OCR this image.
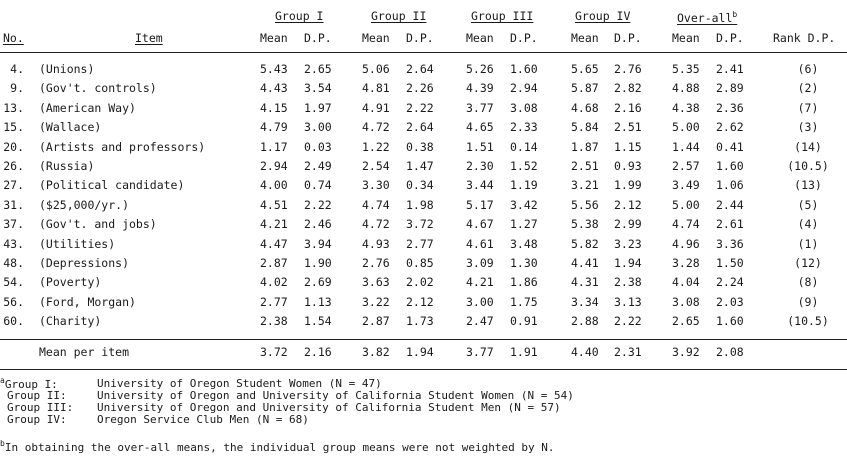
Group I	Group II	Group III	Group IV	Over-all$^b$
No.	Item	Mean D.P.	Mean D.P.	Mean D.P.	Mean D.P.	Mean D.P.	Rank D.P.
4. (Unions)	5.43 2.65	5.06 2.64	5.26 1.60	5.65 2.76	5.35 2.41	(6)
9. (Gov't. controls)	4.43 3.54	4.81 2.26	4.39 2.94	5.87 2.82	4.88 2.89	(2)
13. (American Way)	4.15 1.97	4.91 2.22	3.77 3.08	4.68 2.16	4.38 2.36	(7)
15. (Wallace)	4.79 3.00	4.72 2.64	4.65 2.33	5.84 2.51	5.00 2.62	(3)
20. (Artists and professors)	1.17 0.03	1.22 0.38	1.51 0.14	1.87 1.15	1.44 0.41	(14)
26. (Russia)	2.94 2.49	2.54 1.47	2.30 1.52	2.51 0.93	2.57 1.60	(10.5)
27. (Political candidate)	4.00 0.74	3.30 0.34	3.44 1.19	3.21 1.99	3.49 1.06	(13)
31. ($25,000/yr.)	4.51 2.22	4.74 1.98	5.17 3.42	5.56 2.12	5.00 2.44	(5)
37. (Gov't. and jobs)	4.21 2.46	4.72 3.72	4.67 1.27	5.38 2.99	4.74 2.61	(4)
43. (Utilities)	4.47 3.94	4.93 2.77	4.61 3.48	5.82 3.23	4.96 3.36	(1)
48. (Depressions)	2.87 1.90	2.76 0.85	3.09 1.30	4.41 1.94	3.28 1.50	(12)
54. (Poverty)	4.02 2.69	3.63 2.02	4.21 1.86	4.31 2.38	4.04 2.24	(8)
56. (Ford, Morgan)	2.77 1.13	3.22 2.12	3.00 1.75	3.34 3.13	3.08 2.03	(9)
60. (Charity)	2.38 1.54	2.87 1.73	2.47 0.91	2.88 2.22	2.65 1.60	(10.5)
Mean per item	3.72 2.16	3.82 1.94	3.77 1.91	4.40 2.31	3.92 2.08
$^a$Group I:	University of Oregon Student Women (N = 47)
Group II:	University of Oregon and University of California Student Women (N = 54)
Group III: University of Oregon and University of California Student Men (N = 57)
Group IV:	Oregon Service Club Men (N = 68)
$^b$In obtaining the over-all means, the individual group means were not weighted by N.
